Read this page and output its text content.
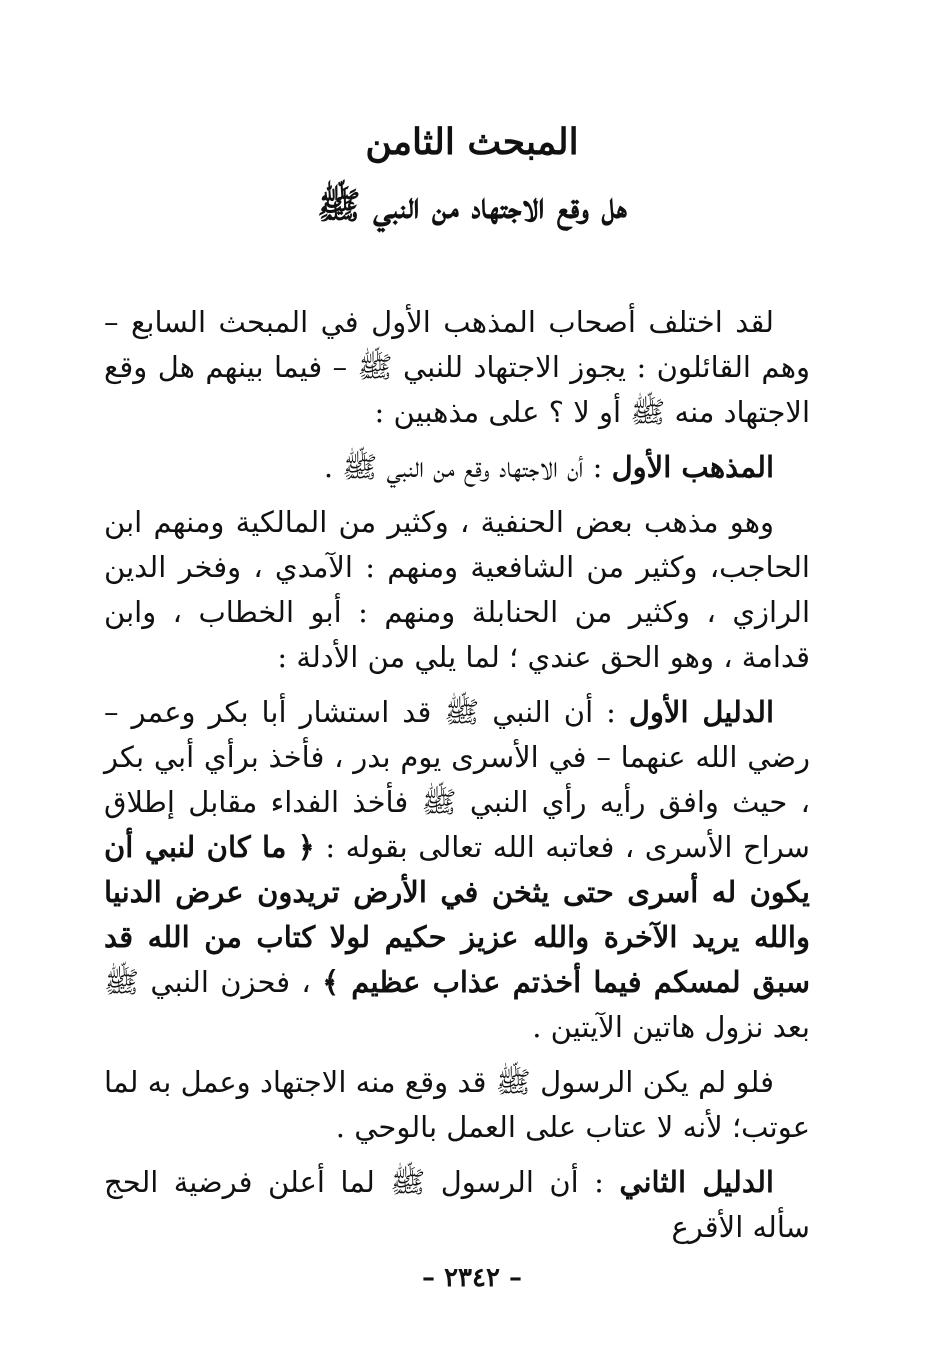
المبحث الثامن
هل وقع الاجتهاد من النبي ﷺ

لقد اختلف أصحاب المذهب الأول في المبحث السابع – وهم القائلون : يجوز الاجتهاد للنبي ﷺ – فيما بينهم هل وقع الاجتهاد منه ﷺ أو لا ؟ على مذهبين :

المذهب الأول : أن الاجتهاد وقع من النبي ﷺ .

وهو مذهب بعض الحنفية ، وكثير من المالكية ومنهم ابن الحاجب، وكثير من الشافعية ومنهم : الآمدي ، وفخر الدين الرازي ، وكثير من الحنابلة ومنهم : أبو الخطاب ، وابن قدامة ، وهو الحق عندي ؛ لما يلي من الأدلة :

الدليل الأول : أن النبي ﷺ قد استشار أبا بكر وعمر – رضي الله عنهما – في الأسرى يوم بدر ، فأخذ برأي أبي بكر ، حيث وافق رأيه رأي النبي ﷺ فأخذ الفداء مقابل إطلاق سراح الأسرى ، فعاتبه الله تعالى بقوله : ﴿ ما كان لنبي أن يكون له أسرى حتى يثخن في الأرض تريدون عرض الدنيا والله يريد الآخرة والله عزيز حكيم لولا كتاب من الله قد سبق لمسكم فيما أخذتم عذاب عظيم ﴾ ، فحزن النبي ﷺ بعد نزول هاتين الآيتين .

فلو لم يكن الرسول ﷺ قد وقع منه الاجتهاد وعمل به لما عوتب؛ لأنه لا عتاب على العمل بالوحي .

الدليل الثاني : أن الرسول ﷺ لما أعلن فرضية الحج سأله الأقرع

– ٢٣٤٢ –
